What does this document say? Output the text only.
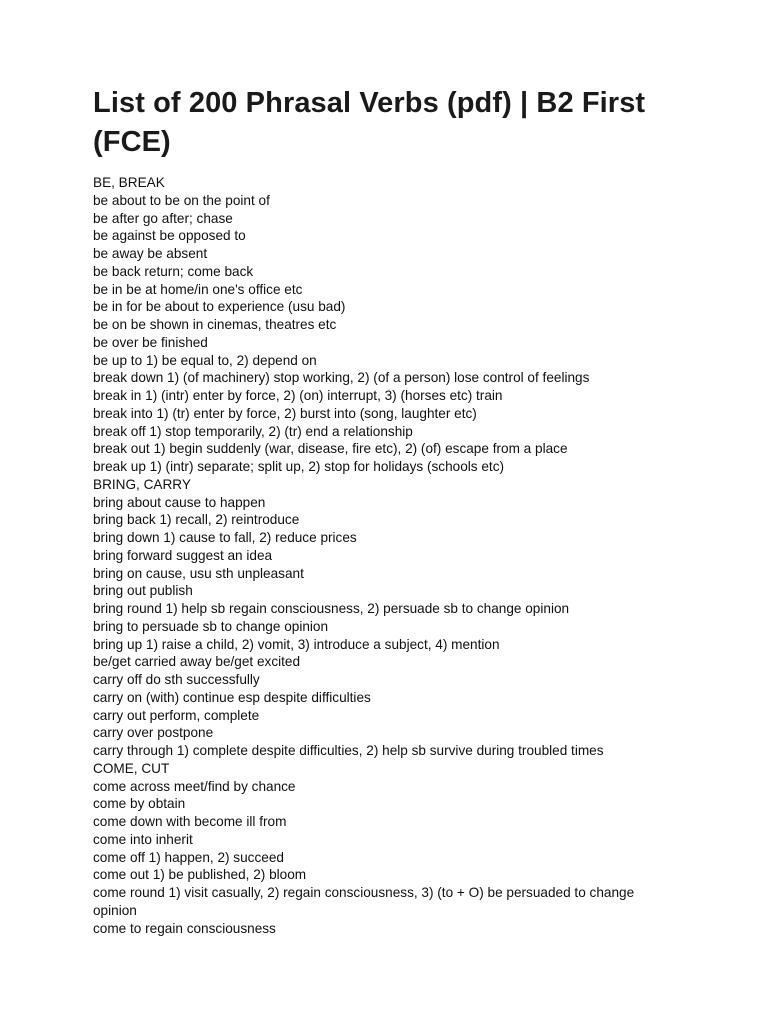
List of 200 Phrasal Verbs (pdf) | B2 First (FCE)
BE, BREAK
be about to be on the point of
be after go after; chase
be against be opposed to
be away be absent
be back return; come back
be in be at home/in one's office etc
be in for be about to experience (usu bad)
be on be shown in cinemas, theatres etc
be over be finished
be up to 1) be equal to, 2) depend on
break down 1) (of machinery) stop working, 2) (of a person) lose control of feelings
break in 1) (intr) enter by force, 2) (on) interrupt, 3) (horses etc) train
break into 1) (tr) enter by force, 2) burst into (song, laughter etc)
break off 1) stop temporarily, 2) (tr) end a relationship
break out 1) begin suddenly (war, disease, fire etc), 2) (of) escape from a place
break up 1) (intr) separate; split up, 2) stop for holidays (schools etc)
BRING, CARRY
bring about cause to happen
bring back 1) recall, 2) reintroduce
bring down 1) cause to fall, 2) reduce prices
bring forward suggest an idea
bring on cause, usu sth unpleasant
bring out publish
bring round 1) help sb regain consciousness, 2) persuade sb to change opinion
bring to persuade sb to change opinion
bring up 1) raise a child, 2) vomit, 3) introduce a subject, 4) mention
be/get carried away be/get excited
carry off do sth successfully
carry on (with) continue esp despite difficulties
carry out perform, complete
carry over postpone
carry through 1) complete despite difficulties, 2) help sb survive during troubled times
COME, CUT
come across meet/find by chance
come by obtain
come down with become ill from
come into inherit
come off 1) happen, 2) succeed
come out 1) be published, 2) bloom
come round 1) visit casually, 2) regain consciousness, 3) (to + O) be persuaded to change opinion
come to regain consciousness
